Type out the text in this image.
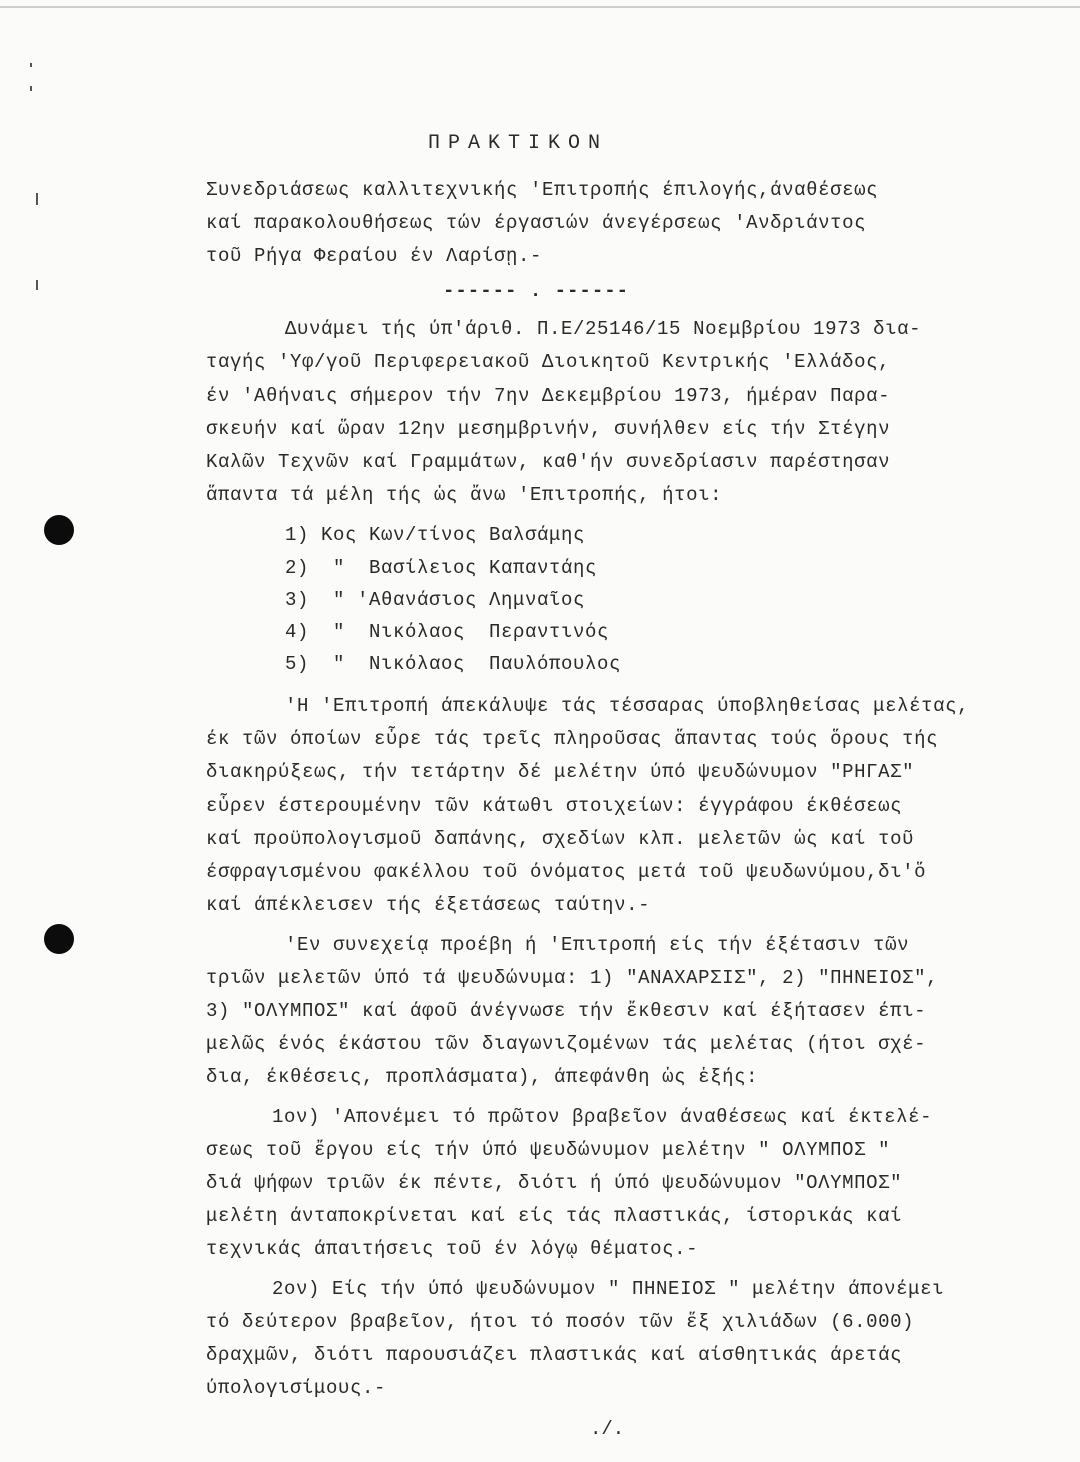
ΠΡΑΚΤΙΚΟΝ
Συνεδριάσεως καλλιτεχνικής 'Επιτροπής έπιλογής,άναθέσεως
καί παρακολουθήσεως τών έργασιών άνεγέρσεως 'Ανδριάντος
τοῦ Ρήγα Φεραίου έν Λαρίσῃ.-
------ . ------
Δυνάμει τής ύπ'άριθ. Π.Ε/25146/15 Νοεμβρίου 1973 δια-
ταγής 'Υφ/γοῦ Περιφερειακοῦ Διοικητοῦ Κεντρικής 'Ελλάδος,
έν 'Αθήναις σήμερον τήν 7ην Δεκεμβρίου 1973, ήμέραν Παρα-
σκευήν καί ὥραν 12ην μεσημβρινήν, συνήλθεν είς τήν Στέγην
Καλῶν Τεχνῶν καί Γραμμάτων, καθ'ήν συνεδρίασιν παρέστησαν
ἅπαντα τά μέλη τής ὡς ἄνω 'Επιτροπής, ήτοι:
1) Κος Κων/τίνος Βαλσάμης
2)  "  Βασίλειος Καπαντάης
3)  " 'Αθανάσιος Λημναῖος
4)  "  Νικόλαος  Περαντινός
5)  "  Νικόλαος  Παυλόπουλος
'Η 'Επιτροπή άπεκάλυψε τάς τέσσαρας ύποβληθείσας μελέτας,
έκ τῶν όποίων εὗρε τάς τρεῖς πληροῦσας ἅπαντας τούς ὅρους τής
διακηρύξεως, τήν τετάρτην δέ μελέτην ύπό ψευδώνυμον "ΡΗΓΑΣ"
εὗρεν έστερουμένην τῶν κάτωθι στοιχείων: έγγράφου έκθέσεως
καί προϋπολογισμοῦ δαπάνης, σχεδίων κλπ. μελετῶν ὡς καί τοῦ
έσφραγισμένου φακέλλου τοῦ όνόματος μετά τοῦ ψευδωνύμου,δι'ὅ
καί άπέκλεισεν τής έξετάσεως ταύτην.-
'Εν συνεχείᾳ προέβη ή 'Επιτροπή είς τήν έξέτασιν τῶν
τριῶν μελετῶν ύπό τά ψευδώνυμα: 1) "ΑΝΑΧΑΡΣΙΣ", 2) "ΠΗΝΕΙΟΣ",
3) "ΟΛΥΜΠΟΣ" καί άφοῦ άνέγνωσε τήν ἔκθεσιν καί έξήτασεν έπι-
μελῶς ένός έκάστου τῶν διαγωνιζομένων τάς μελέτας (ήτοι σχέ-
δια, έκθέσεις, προπλάσματα), άπεφάνθη ὡς ἑξής:
1ον) 'Απονέμει τό πρῶτον βραβεῖον άναθέσεως καί έκτελέ-
σεως τοῦ ἔργου είς τήν ύπό ψευδώνυμον μελέτην " ΟΛΥΜΠΟΣ "
διά ψήφων τριῶν έκ πέντε, διότι ή ύπό ψευδώνυμον "ΟΛΥΜΠΟΣ"
μελέτη άνταποκρίνεται καί είς τάς πλαστικάς, ίστορικάς καί
τεχνικάς άπαιτήσεις τοῦ έν λόγῳ θέματος.-
2ον) Είς τήν ύπό ψευδώνυμον " ΠΗΝΕΙΟΣ " μελέτην άπονέμει
τό δεύτερον βραβεῖον, ήτοι τό ποσόν τῶν ἕξ χιλιάδων (6.000)
δραχμῶν, διότι παρουσιάζει πλαστικάς καί αίσθητικάς άρετάς
ύπολογισίμους.-
./.
